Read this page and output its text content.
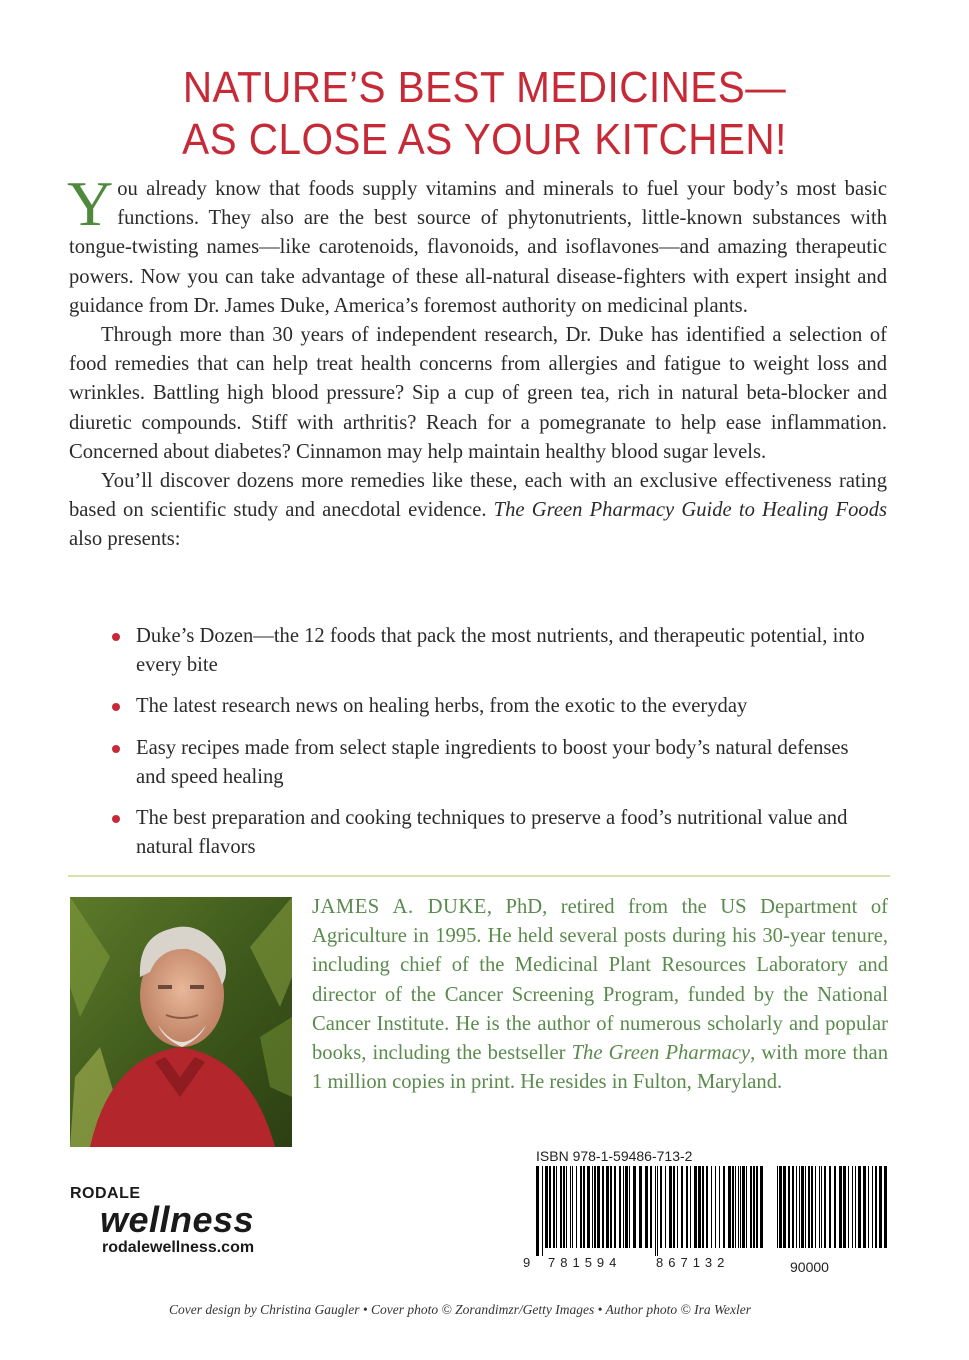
NATURE’S BEST MEDICINES—
AS CLOSE AS YOUR KITCHEN!

You already know that foods supply vitamins and minerals to fuel your body’s most basic functions. They also are the best source of phytonutrients, little-known substances with tongue-twisting names—like carotenoids, flavonoids, and isoflavones—and amazing therapeutic powers. Now you can take advantage of these all-natural disease-fighters with expert insight and guidance from Dr. James Duke, America’s foremost authority on medicinal plants.

Through more than 30 years of independent research, Dr. Duke has identified a selection of food remedies that can help treat health concerns from allergies and fatigue to weight loss and wrinkles. Battling high blood pressure? Sip a cup of green tea, rich in natural beta-blocker and diuretic compounds. Stiff with arthritis? Reach for a pomegranate to help ease inflammation. Concerned about diabetes? Cinnamon may help maintain healthy blood sugar levels.

You’ll discover dozens more remedies like these, each with an exclusive effectiveness rating based on scientific study and anecdotal evidence. The Green Pharmacy Guide to Healing Foods also presents:

Duke’s Dozen—the 12 foods that pack the most nutrients, and therapeutic potential, into every bite
The latest research news on healing herbs, from the exotic to the everyday
Easy recipes made from select staple ingredients to boost your body’s natural defenses and speed healing
The best preparation and cooking techniques to preserve a food’s nutritional value and natural flavors
JAMES A. DUKE, PhD, retired from the US Department of Agriculture in 1995. He held several posts during his 30-year tenure, including chief of the Medicinal Plant Resources Laboratory and director of the Cancer Screening Program, funded by the National Cancer Institute. He is the author of numerous scholarly and popular books, including the bestseller The Green Pharmacy, with more than 1 million copies in print. He resides in Fulton, Maryland.
ISBN 978-1-59486-713-2
9 781594	867132	90000
RODALE
wellness
rodalewellness.com
Cover design by Christina Gaugler • Cover photo © Zorandimzr/Getty Images • Author photo © Ira Wexler
